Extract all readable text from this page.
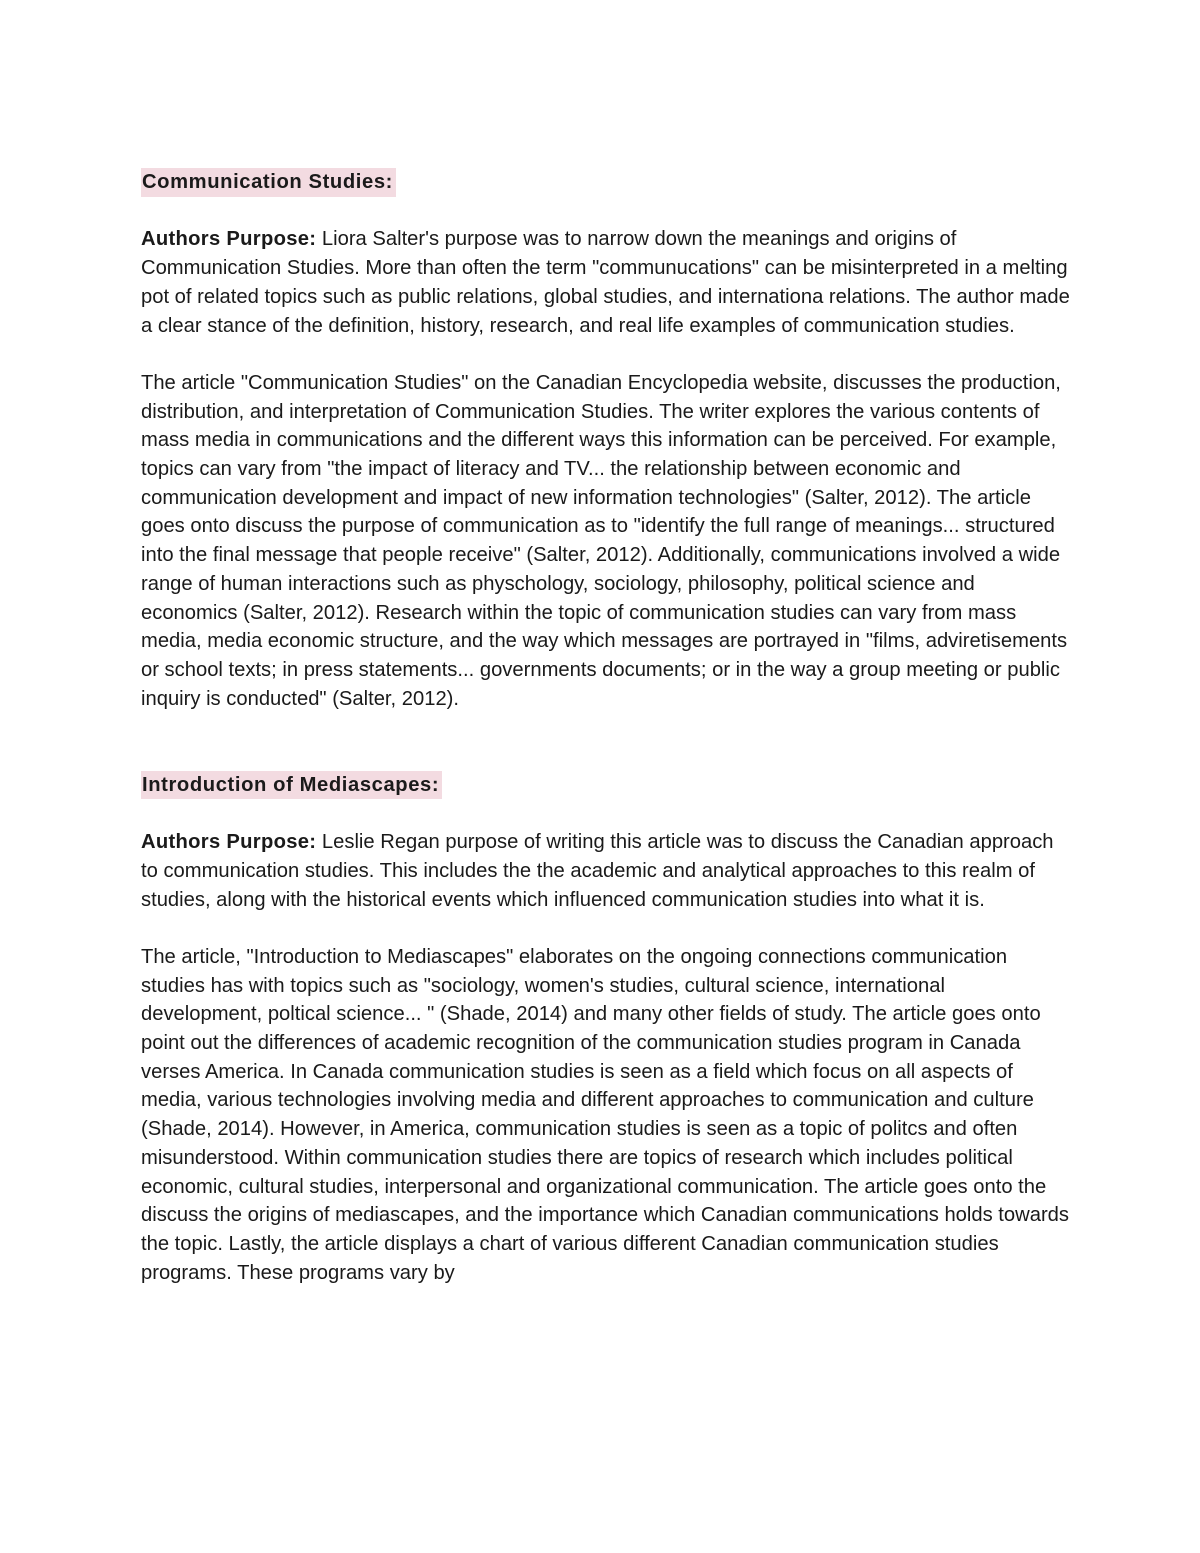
Communication Studies:

Authors Purpose: Liora Salter's purpose was to narrow down the meanings and origins of Communication Studies. More than often the term "communucations" can be misinterpreted in a melting pot of related topics such as public relations, global studies, and internationa relations. The author made a clear stance of the definition, history, research, and real life examples of communication studies.

The article "Communication Studies" on the Canadian Encyclopedia website, discusses the production, distribution, and interpretation of Communication Studies. The writer explores the various contents of mass media in communications and the different ways this information can be perceived. For example, topics can vary from "the impact of literacy and TV... the relationship between economic and communication development and impact of new information technologies" (Salter, 2012). The article goes onto discuss the purpose of communication as to "identify the full range of meanings... structured into the final message that people receive" (Salter, 2012). Additionally, communications involved a wide range of human interactions such as physchology, sociology, philosophy, political science and economics (Salter, 2012). Research within the topic of communication studies can vary from mass media, media economic structure, and the way which messages are portrayed in "films, adviretisements or school texts; in press statements... governments documents; or in the way a group meeting or public inquiry is conducted" (Salter, 2012).

Introduction of Mediascapes:

Authors Purpose: Leslie Regan purpose of writing this article was to discuss the Canadian approach to communication studies. This includes the the academic and analytical approaches to this realm of studies, along with the historical events which influenced communication studies into what it is.

The article, "Introduction to Mediascapes" elaborates on the ongoing connections communication studies has with topics such as "sociology, women's studies, cultural science, international development, poltical science... " (Shade, 2014) and many other fields of study. The article goes onto point out the differences of academic recognition of the communication studies program in Canada verses America. In Canada communication studies is seen as a field which focus on all aspects of media, various technologies involving media and different approaches to communication and culture (Shade, 2014). However, in America, communication studies is seen as a topic of politcs and often misunderstood. Within communication studies there are topics of research which includes political economic, cultural studies, interpersonal and organizational communication. The article goes onto the discuss the origins of mediascapes, and the importance which Canadian communications holds towards the topic. Lastly, the article displays a chart of various different Canadian communication studies programs. These programs vary by
